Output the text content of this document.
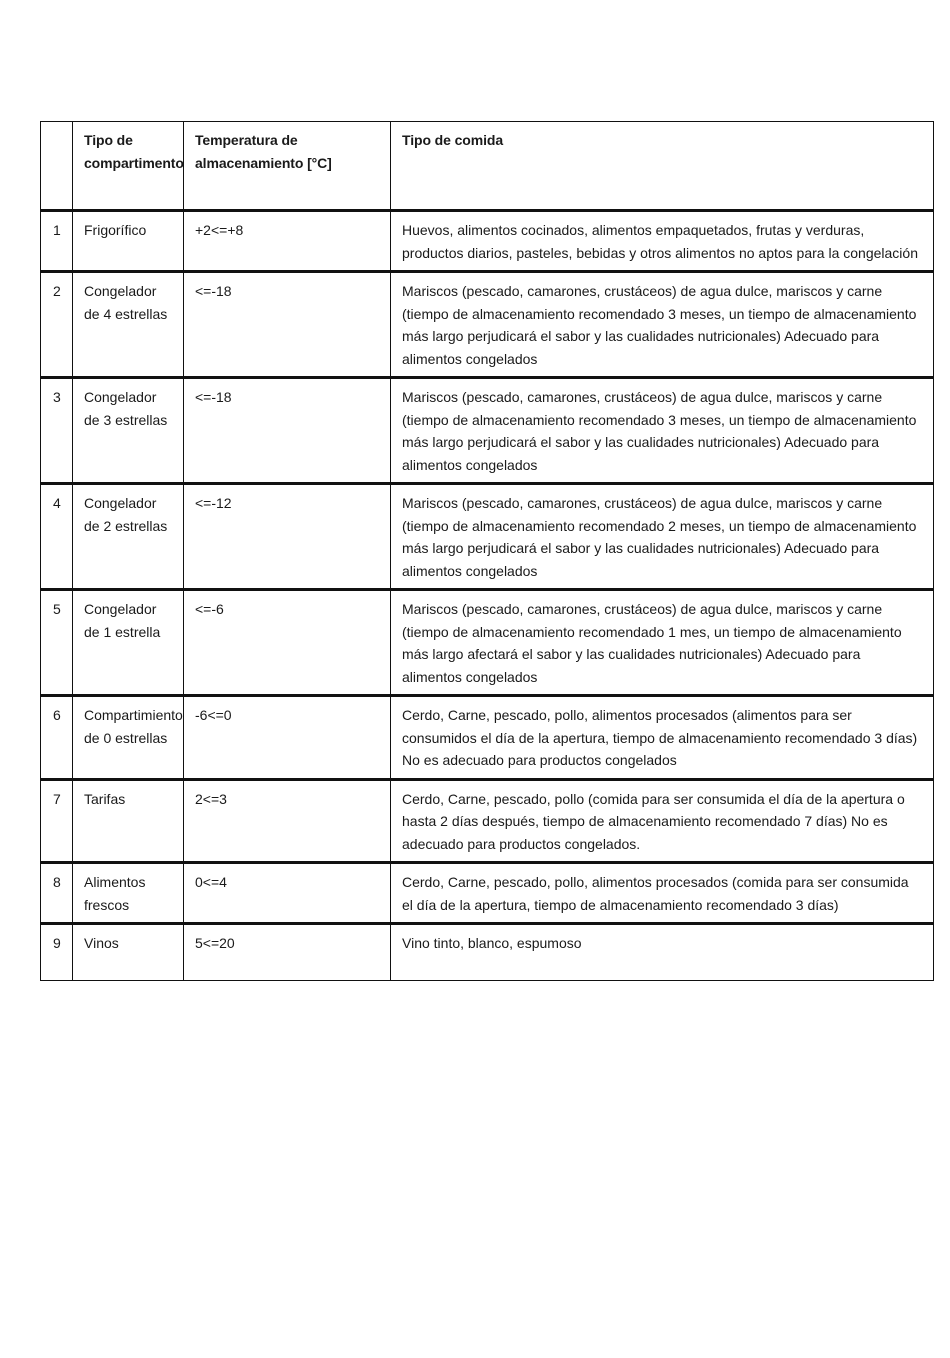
	Tipo de compartimento	Temperatura de almacenamiento [°C]	Tipo de comida
1	Frigorífico	+2<=+8	Huevos, alimentos cocinados, alimentos empaquetados, frutas y verduras, productos diarios, pasteles, bebidas y otros alimentos no aptos para la congelación
2	Congelador de 4 estrellas	<=-18	Mariscos (pescado, camarones, crustáceos) de agua dulce, mariscos y carne (tiempo de almacenamiento recomendado 3 meses, un tiempo de almacenamiento más largo perjudicará el sabor y las cualidades nutricionales) Adecuado para alimentos congelados
3	Congelador de 3 estrellas	<=-18	Mariscos (pescado, camarones, crustáceos) de agua dulce, mariscos y carne (tiempo de almacenamiento recomendado 3 meses, un tiempo de almacenamiento más largo perjudicará el sabor y las cualidades nutricionales) Adecuado para alimentos congelados
4	Congelador de 2 estrellas	<=-12	Mariscos (pescado, camarones, crustáceos) de agua dulce, mariscos y carne (tiempo de almacenamiento recomendado 2 meses, un tiempo de almacenamiento más largo perjudicará el sabor y las cualidades nutricionales) Adecuado para alimentos congelados
5	Congelador de 1 estrella	<=-6	Mariscos (pescado, camarones, crustáceos) de agua dulce, mariscos y carne (tiempo de almacenamiento recomendado 1 mes, un tiempo de almacenamiento más largo afectará el sabor y las cualidades nutricionales) Adecuado para alimentos congelados
6	Compartimiento de 0 estrellas	-6<=0	Cerdo, Carne, pescado, pollo, alimentos procesados (alimentos para ser consumidos el día de la apertura, tiempo de almacenamiento recomendado 3 días) No es adecuado para productos congelados
7	Tarifas	2<=3	Cerdo, Carne, pescado, pollo (comida para ser consumida el día de la apertura o hasta 2 días después, tiempo de almacenamiento recomendado 7 días) No es adecuado para productos congelados.
8	Alimentos frescos	0<=4	Cerdo, Carne, pescado, pollo, alimentos procesados (comida para ser consumida el día de la apertura, tiempo de almacenamiento recomendado 3 días)
9	Vinos	5<=20	Vino tinto, blanco, espumoso
